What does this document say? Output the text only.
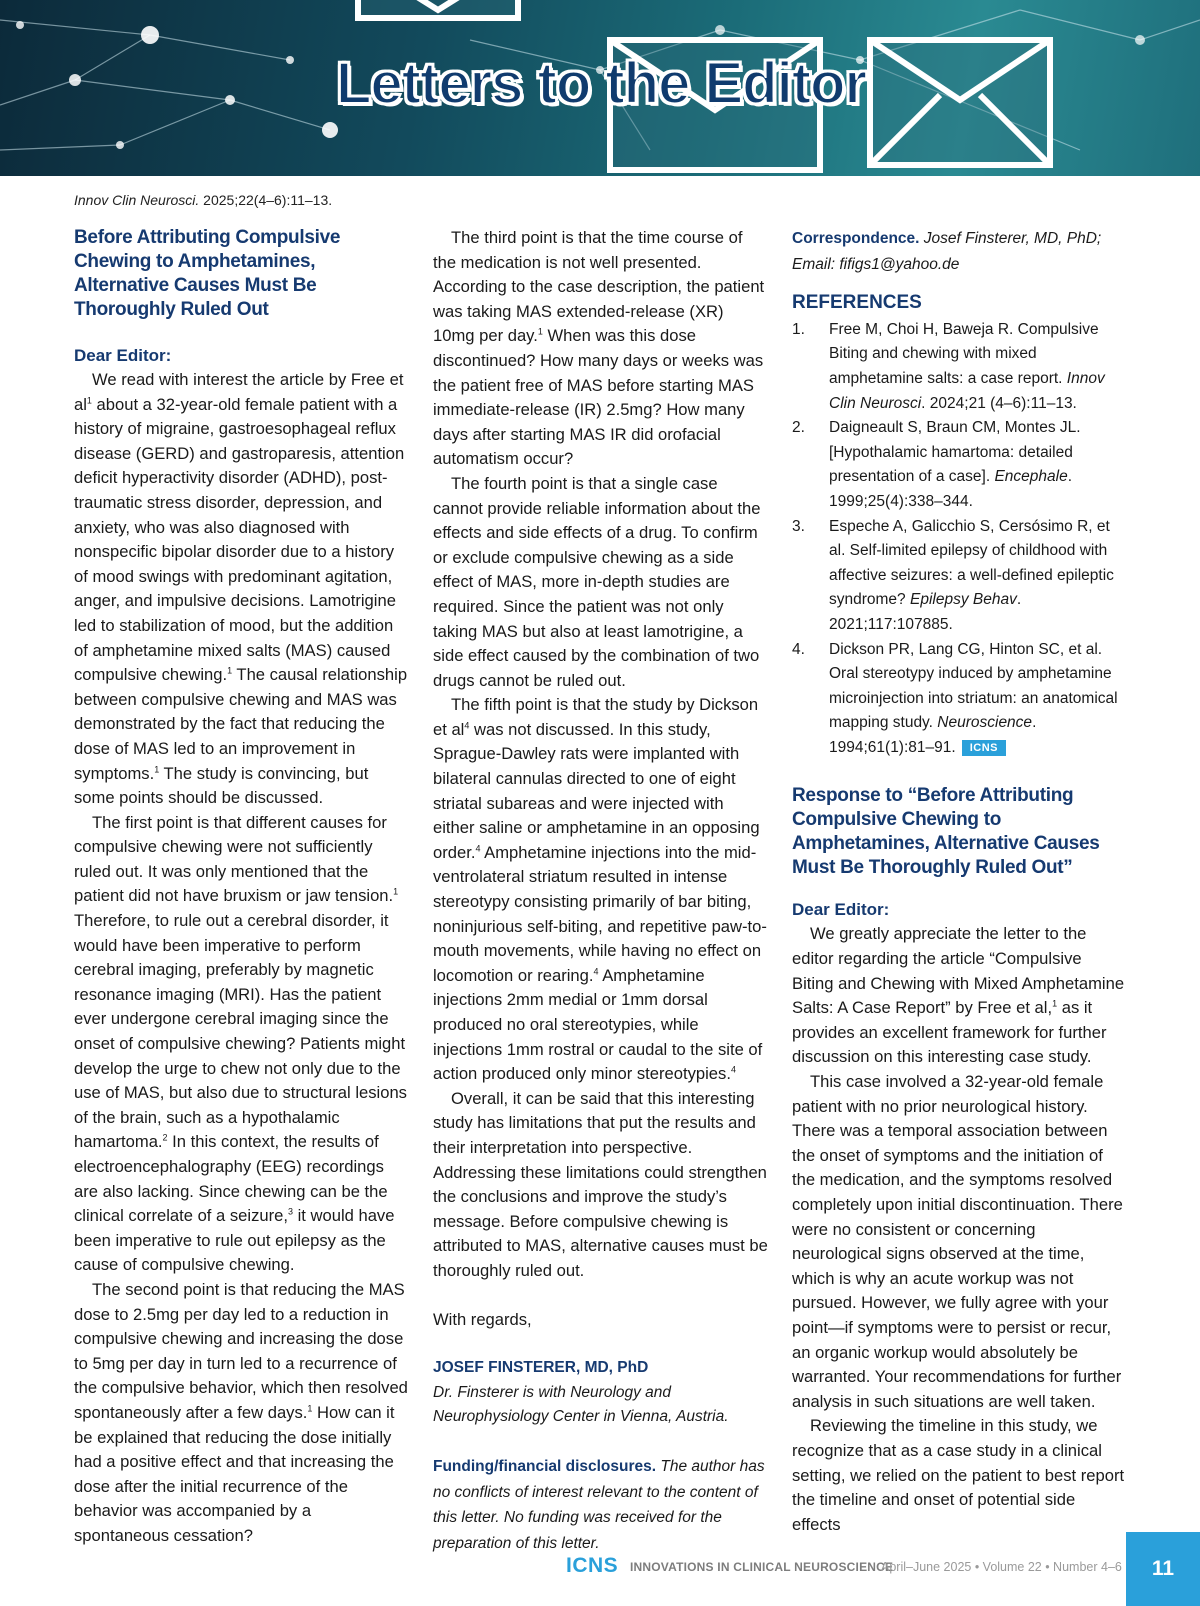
Letters to the Editor
Innov Clin Neurosci. 2025;22(4–6):11–13.
Before Attributing Compulsive Chewing to Amphetamines, Alternative Causes Must Be Thoroughly Ruled Out
Dear Editor:

We read with interest the article by Free et $al^1$ about a 32-year-old female patient with a history of migraine, gastroesophageal reflux disease (GERD) and gastroparesis, attention deficit hyperactivity disorder (ADHD), post-traumatic stress disorder, depression, and anxiety, who was also diagnosed with nonspecific bipolar disorder due to a history of mood swings with predominant agitation, anger, and impulsive decisions. Lamotrigine led to stabilization of mood, but the addition of amphetamine mixed salts (MAS) caused compulsive chewing.$^1$ The causal relationship between compulsive chewing and MAS was demonstrated by the fact that reducing the dose of MAS led to an improvement in symptoms.$^1$ The study is convincing, but some points should be discussed.

The first point is that different causes for compulsive chewing were not sufficiently ruled out. It was only mentioned that the patient did not have bruxism or jaw tension.$^1$ Therefore, to rule out a cerebral disorder, it would have been imperative to perform cerebral imaging, preferably by magnetic resonance imaging (MRI). Has the patient ever undergone cerebral imaging since the onset of compulsive chewing? Patients might develop the urge to chew not only due to the use of MAS, but also due to structural lesions of the brain, such as a hypothalamic hamartoma.$^2$ In this context, the results of electroencephalography (EEG) recordings are also lacking. Since chewing can be the clinical correlate of a seizure,$^3$ it would have been imperative to rule out epilepsy as the cause of compulsive chewing.

The second point is that reducing the MAS dose to 2.5mg per day led to a reduction in compulsive chewing and increasing the dose to 5mg per day in turn led to a recurrence of the compulsive behavior, which then resolved spontaneously after a few days.$^1$ How can it be explained that reducing the dose initially had a positive effect and that increasing the dose after the initial recurrence of the behavior was accompanied by a spontaneous cessation?

The third point is that the time course of the medication is not well presented. According to the case description, the patient was taking MAS extended-release (XR) 10mg per day.$^1$ When was this dose discontinued? How many days or weeks was the patient free of MAS before starting MAS immediate-release (IR) 2.5mg? How many days after starting MAS IR did orofacial automatism occur?

The fourth point is that a single case cannot provide reliable information about the effects and side effects of a drug. To confirm or exclude compulsive chewing as a side effect of MAS, more in-depth studies are required. Since the patient was not only taking MAS but also at least lamotrigine, a side effect caused by the combination of two drugs cannot be ruled out.

The fifth point is that the study by Dickson et $al^4$ was not discussed. In this study, Sprague-Dawley rats were implanted with bilateral cannulas directed to one of eight striatal subareas and were injected with either saline or amphetamine in an opposing order.$^4$ Amphetamine injections into the mid-ventrolateral striatum resulted in intense stereotypy consisting primarily of bar biting, noninjurious self-biting, and repetitive paw-to-mouth movements, while having no effect on locomotion or rearing.$^4$ Amphetamine injections 2mm medial or 1mm dorsal produced no oral stereotypies, while injections 1mm rostral or caudal to the site of action produced only minor stereotypies.$^4$

Overall, it can be said that this interesting study has limitations that put the results and their interpretation into perspective. Addressing these limitations could strengthen the conclusions and improve the study’s message. Before compulsive chewing is attributed to MAS, alternative causes must be thoroughly ruled out.

With regards,

JOSEF FINSTERER, MD, PhD

Dr. Finsterer is with Neurology and Neurophysiology Center in Vienna, Austria.

Funding/financial disclosures. The author has no conflicts of interest relevant to the content of this letter. No funding was received for the preparation of this letter.

Correspondence. Josef Finsterer, MD, PhD; Email: fifigs1@yahoo.de

REFERENCES
1.	Free M, Choi H, Baweja R. Compulsive Biting and chewing with mixed amphetamine salts: a case report. Innov Clin Neurosci. 2024;21 (4–6):11–13.
2.	Daigneault S, Braun CM, Montes JL. [Hypothalamic hamartoma: detailed presentation of a case]. Encephale. 1999;25(4):338–344.
3.	Espeche A, Galicchio S, Cersósimo R, et al. Self-limited epilepsy of childhood with affective seizures: a well-defined epileptic syndrome? Epilepsy Behav. 2021;117:107885.
4.	Dickson PR, Lang CG, Hinton SC, et al. Oral stereotypy induced by amphetamine microinjection into striatum: an anatomical mapping study. Neuroscience. 1994;61(1):81–91. ICNS
Response to “Before Attributing Compulsive Chewing to Amphetamines, Alternative Causes Must Be Thoroughly Ruled Out”
Dear Editor:

We greatly appreciate the letter to the editor regarding the article “Compulsive Biting and Chewing with Mixed Amphetamine Salts: A Case Report” by Free et al,$^1$ as it provides an excellent framework for further discussion on this interesting case study.

This case involved a 32-year-old female patient with no prior neurological history. There was a temporal association between the onset of symptoms and the initiation of the medication, and the symptoms resolved completely upon initial discontinuation. There were no consistent or concerning neurological signs observed at the time, which is why an acute workup was not pursued. However, we fully agree with your point—if symptoms were to persist or recur, an organic workup would absolutely be warranted. Your recommendations for further analysis in such situations are well taken.

Reviewing the timeline in this study, we recognize that as a case study in a clinical setting, we relied on the patient to best report the timeline and onset of potential side effects

ICNS INNOVATIONS IN CLINICAL NEUROSCIENCE
April–June 2025 • Volume 22 • Number 4–6	11
